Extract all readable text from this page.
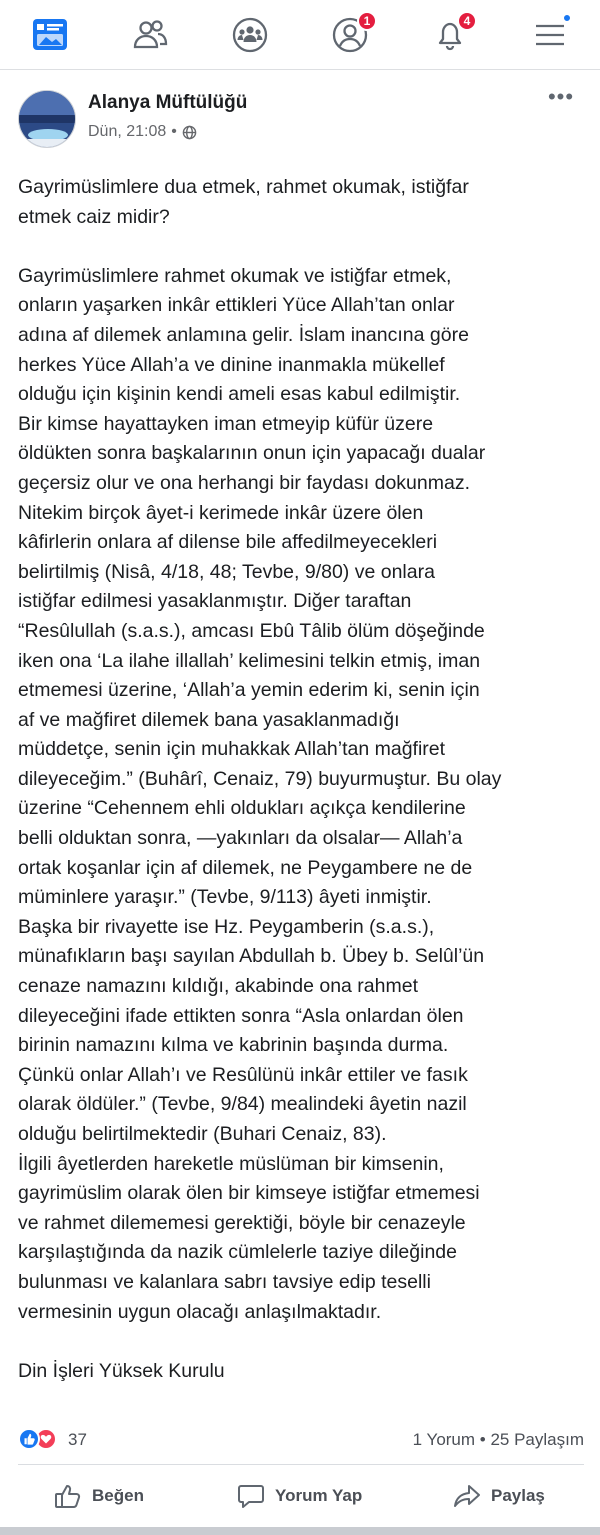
1	4
Alanya Müftülüğü
Dün, 21:08 •
•••

Gayrimüslimlere dua etmek, rahmet okumak, istiğfar

etmek caiz midir?

Gayrimüslimlere rahmet okumak ve istiğfar etmek,

onların yaşarken inkâr ettikleri Yüce Allah’tan onlar

adına af dilemek anlamına gelir. İslam inancına göre

herkes Yüce Allah’a ve dinine inanmakla mükellef

olduğu için kişinin kendi ameli esas kabul edilmiştir.

Bir kimse hayattayken iman etmeyip küfür üzere

öldükten sonra başkalarının onun için yapacağı dualar

geçersiz olur ve ona herhangi bir faydası dokunmaz.

Nitekim birçok âyet-i kerimede inkâr üzere ölen

kâfirlerin onlara af dilense bile affedilmeyecekleri

belirtilmiş (Nisâ, 4/18, 48; Tevbe, 9/80) ve onlara

istiğfar edilmesi yasaklanmıştır. Diğer taraftan

“Resûlullah (s.a.s.), amcası Ebû Tâlib ölüm döşeğinde

iken ona ‘La ilahe illallah’ kelimesini telkin etmiş, iman

etmemesi üzerine, ‘Allah’a yemin ederim ki, senin için

af ve mağfiret dilemek bana yasaklanmadığı

müddetçe, senin için muhakkak Allah’tan mağfiret

dileyeceğim.” (Buhârî, Cenaiz, 79) buyurmuştur. Bu olay

üzerine “Cehennem ehli oldukları açıkça kendilerine

belli olduktan sonra, —yakınları da olsalar— Allah’a

ortak koşanlar için af dilemek, ne Peygambere ne de

müminlere yaraşır.” (Tevbe, 9/113) âyeti inmiştir.

Başka bir rivayette ise Hz. Peygamberin (s.a.s.),

münafıkların başı sayılan Abdullah b. Übey b. Selûl’ün

cenaze namazını kıldığı, akabinde ona rahmet

dileyeceğini ifade ettikten sonra “Asla onlardan ölen

birinin namazını kılma ve kabrinin başında durma.

Çünkü onlar Allah’ı ve Resûlünü inkâr ettiler ve fasık

olarak öldüler.” (Tevbe, 9/84) mealindeki âyetin nazil

olduğu belirtilmektedir (Buhari Cenaiz, 83).

İlgili âyetlerden hareketle müslüman bir kimsenin,

gayrimüslim olarak ölen bir kimseye istiğfar etmemesi

ve rahmet dilememesi gerektiği, böyle bir cenazeyle

karşılaştığında da nazik cümlelerle taziye dileğinde

bulunması ve kalanlara sabrı tavsiye edip teselli

vermesinin uygun olacağı anlaşılmaktadır.

Din İşleri Yüksek Kurulu

37	1 Yorum • 25 Paylaşım
Beğen	Yorum Yap	Paylaş
